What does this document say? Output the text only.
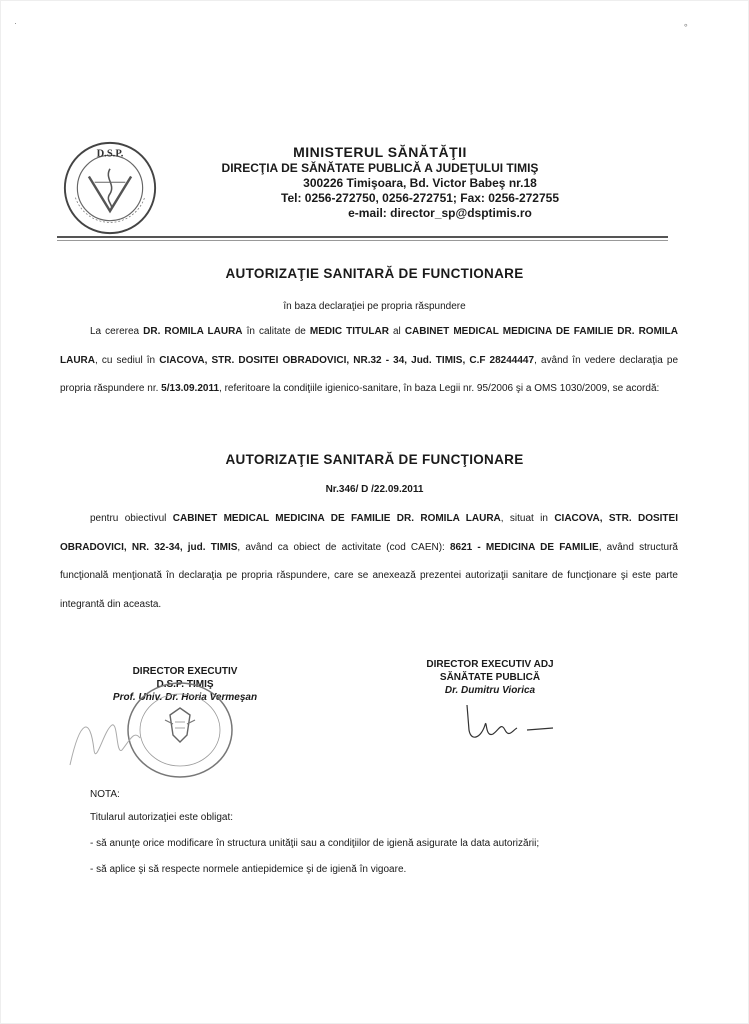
·	∘
D.S.P.	MINISTERUL SĂNĂTĂŢII
DIRECŢIA DE SĂNĂTATE PUBLICĂ A JUDEŢULUI TIMIŞ
300226 Timişoara, Bd. Victor Babeş nr.18
Tel: 0256-272750, 0256-272751; Fax: 0256-272755
e-mail: director_sp@dsptimis.ro
AUTORIZAŢIE SANITARĂ DE FUNCTIONARE
în baza declaraţiei pe propria răspundere

La cererea DR. ROMILA LAURA în calitate de MEDIC TITULAR al CABINET MEDICAL MEDICINA DE FAMILIE DR. ROMILA LAURA, cu sediul în CIACOVA, STR. DOSITEI OBRADOVICI, NR.32 - 34, Jud. TIMIS, C.F 28244447, având în vedere declaraţia pe propria răspundere nr. 5/13.09.2011, referitoare la condiţiile igienico-sanitare, în baza Legii nr. 95/2006 şi a OMS 1030/2009, se acordă:

AUTORIZAŢIE SANITARĂ DE FUNCŢIONARE
Nr.346/ D /22.09.2011

pentru obiectivul CABINET MEDICAL MEDICINA DE FAMILIE DR. ROMILA LAURA, situat in CIACOVA, STR. DOSITEI OBRADOVICI, NR. 32-34, jud. TIMIS, având ca obiect de activitate (cod CAEN): 8621 - MEDICINA DE FAMILIE, având structură funcţională menţionată în declaraţia pe propria răspundere, care se anexează prezentei autorizaţii sanitare de funcţionare şi este parte integrantă din aceasta.

DIRECTOR EXECUTIV
D.S.P. TIMIŞ
Prof. Univ. Dr. Horia Vermeşan
DIRECTOR EXECUTIV ADJ
SĂNĂTATE PUBLICĂ
Dr. Dumitru Viorica
NOTA:
Titularul autorizaţiei este obligat:
- să anunţe orice modificare în structura unităţii sau a condiţiilor de igienă asigurate la data autorizării;
- să aplice şi să respecte normele antiepidemice şi de igienă în vigoare.
